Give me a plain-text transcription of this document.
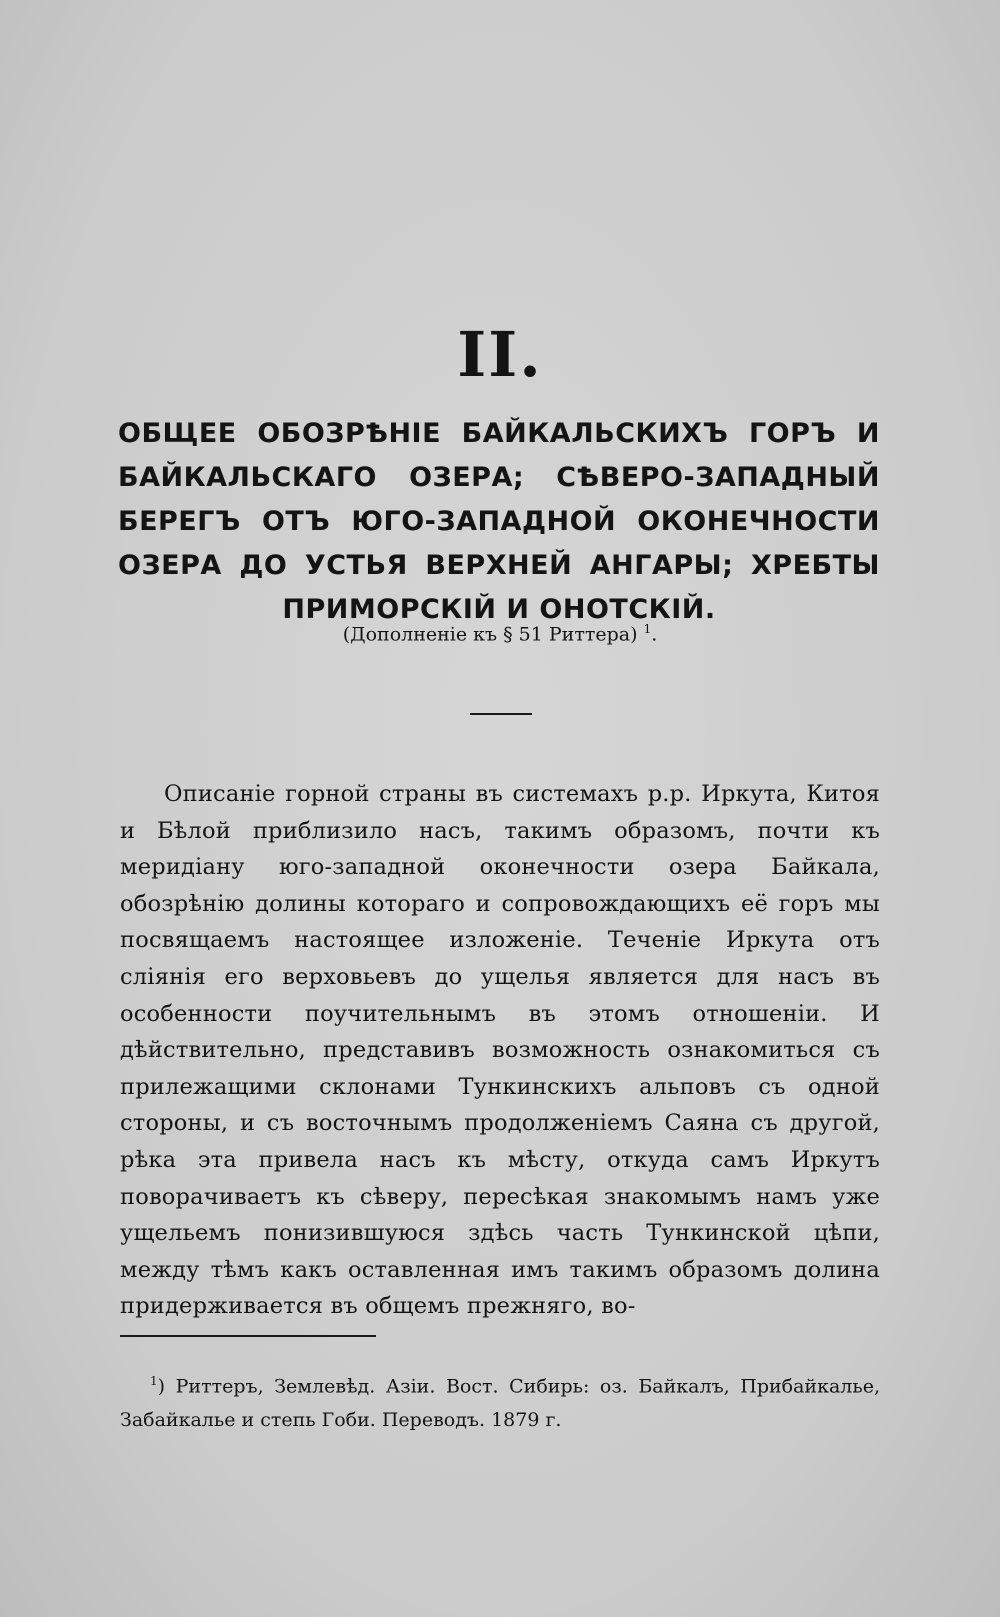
II.
ОБЩЕЕ ОБОЗРѢНІЕ БАЙКАЛЬСКИХЪ ГОРЪ И БАЙКАЛЬСКАГО ОЗЕРА; СѢВЕРО-ЗАПАДНЫЙ БЕРЕГЪ ОТЪ ЮГО-ЗАПАДНОЙ ОКОНЕЧНОСТИ ОЗЕРА ДО УСТЬЯ ВЕРХНЕЙ АНГАРЫ; ХРЕБТЫ ПРИМОРСКІЙ И ОНОТСКІЙ.

(Дополненіе къ § 51 Риттера) $^1$.

Описаніе горной страны въ системахъ р.р. Иркута, Китоя и Бѣлой приблизило насъ, такимъ образомъ, почти къ меридіану юго-западной оконечности озера Байкала, обозрѣнію долины котораго и сопровождающихъ её горъ мы посвящаемъ настоящее изложеніе. Теченіе Иркута отъ сліянія его верховьевъ до ущелья является для насъ въ особенности поучительнымъ въ этомъ отношеніи. И дѣйствительно, представивъ возможность ознакомиться съ прилежащими склонами Тункинскихъ альповъ съ одной стороны, и съ восточнымъ продолженіемъ Саяна съ другой, рѣка эта привела насъ къ мѣсту, откуда самъ Иркутъ поворачиваетъ къ сѣверу, пересѣкая знакомымъ намъ уже ущельемъ понизившуюся здѣсь часть Тункинской цѣпи, между тѣмъ какъ оставленная имъ такимъ образомъ долина придерживается въ общемъ прежняго, во-

$^1$) Риттеръ, Землевѣд. Азіи. Вост. Сибирь: оз. Байкалъ, Прибайкалье, Забайкалье и степь Гоби. Переводъ. 1879 г.
